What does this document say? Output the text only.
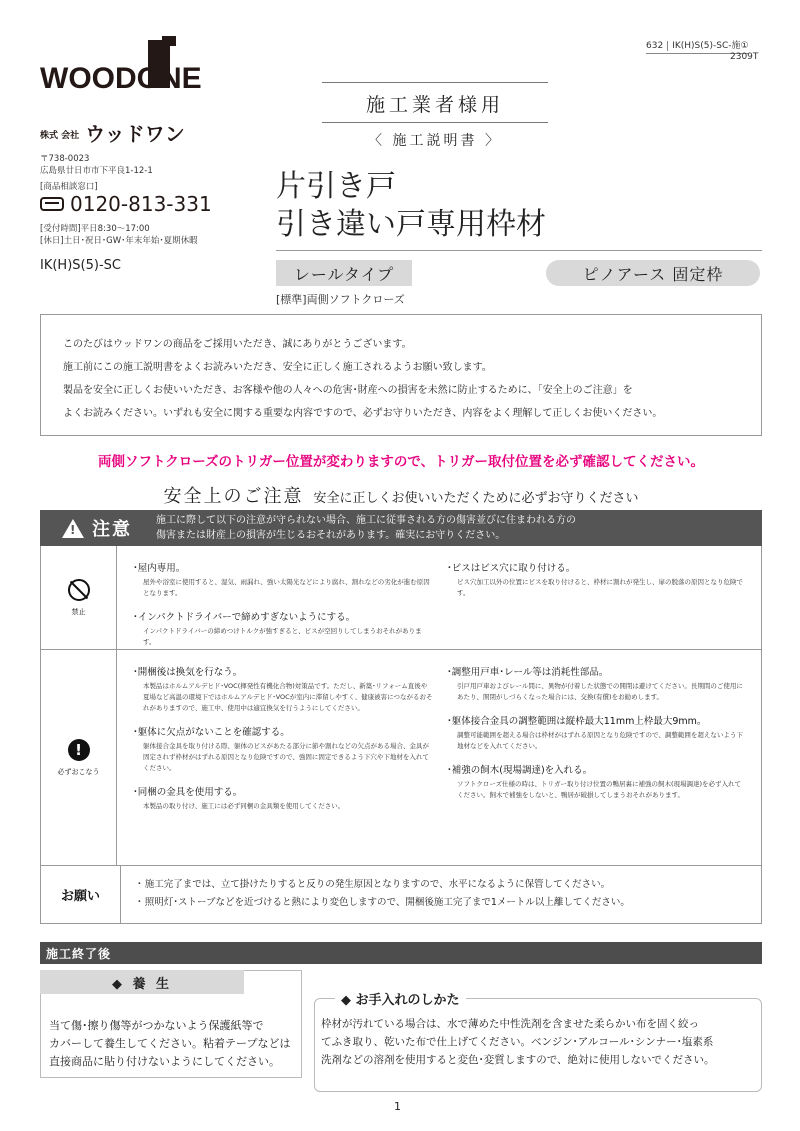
WOODONE
株式 会社 ウッドワン
〒738-0023
広島県廿日市市下平良1-12-1
[商品相談窓口]
0120-813-331
[受付時間]平日8:30〜17:00
[休日]土日･祝日･GW･年末年始･夏期休暇
IK(H)S(5)-SC
632 IK(H)S(5)-SC-施①
2309T
施工業者様用
〈 施工説明書 〉
片引き戸
引き違い戸専用枠材
レールタイプ	ピノアース 固定枠
[標準]両側ソフトクローズ

このたびはウッドワンの商品をご採用いただき、誠にありがとうございます。

施工前にこの施工説明書をよくお読みいただき、安全に正しく施工されるようお願い致します。

製品を安全に正しくお使いいただき、お客様や他の人々への危害･財産への損害を未然に防止するために、「安全上のご注意」を

よくお読みください。いずれも安全に関する重要な内容ですので、必ずお守りいただき、内容をよく理解して正しくお使いください。

両側ソフトクローズのトリガー位置が変わりますので、トリガー取付位置を必ず確認してください。
安全上のご注意 安全に正しくお使いいただくために必ずお守りください
! 注意 施工に際して以下の注意が守られない場合、施工に従事される方の傷害並びに住まわれる方の
傷害または財産上の損害が生じるおそれがあります。確実にお守りください。
禁止
･屋内専用。

屋外や浴室に使用すると、湿気、雨漏れ、強い太陽光などにより腐れ、割れなどの劣化が進む原因となります。

･インパクトドライバーで締めすぎないようにする。

インパクトドライバーの締めつけトルクが強すぎると、ビスが空回りしてしまうおそれがあります。

･ビスはビス穴に取り付ける。

ビス穴加工以外の位置にビスを取り付けると、枠材に割れが発生し、扉の脱落の原因となり危険です。

!
必ずおこなう
･開梱後は換気を行なう。

本製品はホルムアルデヒド･VOC(揮発性有機化合物)対策品です。ただし、新築･リフォーム直後や夏場など高温の環境下ではホルムアルデヒド･VOCが室内に滞留しやすく、健康被害につながるおそれがありますので、施工中、使用中は適宜換気を行うようにしてください。

･躯体に欠点がないことを確認する。

躯体接合金具を取り付ける際、躯体のビスがあたる部分に節や割れなどの欠点がある場合、金具が固定されず枠材がはずれる原因となり危険ですので、強固に固定できるよう下穴や下地材を入れてください。

･同梱の金具を使用する。

本製品の取り付け、施工には必ず同梱の金具類を使用してください。

･調整用戸車･レール等は消耗性部品。

引戸用戸車およびレール間に、異物が付着した状態での開閉は避けてください。長期間のご使用にあたり、開閉がしづらくなった場合には、交換(有償)をお勧めします。

･躯体接合金具の調整範囲は縦枠最大11mm上枠最大9mm。

調整可能範囲を超える場合は枠材がはずれる原因となり危険ですので、調整範囲を超えないよう下地材などを入れてください。

･補強の飼木(現場調達)を入れる。

ソフトクローズ仕様の時は、トリガー取り付け位置の鴨居裏に補強の飼木(現場調達)を必ず入れてください。飼木で補強をしないと、鴨居が破損してしまうおそれがあります。

お願い

･ 施工完了までは、立て掛けたりすると反りの発生原因となりますので、水平になるように保管してください。

･ 照明灯･ストーブなどを近づけると熱により変色しますので、開梱後施工完了まで1メートル以上離してください。

施工終了後
◆ 養 生
当て傷･擦り傷等がつかないよう保護紙等で
カバーして養生してください。粘着テープなどは
直接商品に貼り付けないようにしてください。
◆ お手入れのしかた
枠材が汚れている場合は、水で薄めた中性洗剤を含ませた柔らかい布を固く絞っ
てふき取り、乾いた布で仕上げてください。ベンジン･アルコール･シンナー･塩素系
洗剤などの溶剤を使用すると変色･変質しますので、絶対に使用しないでください。
1
